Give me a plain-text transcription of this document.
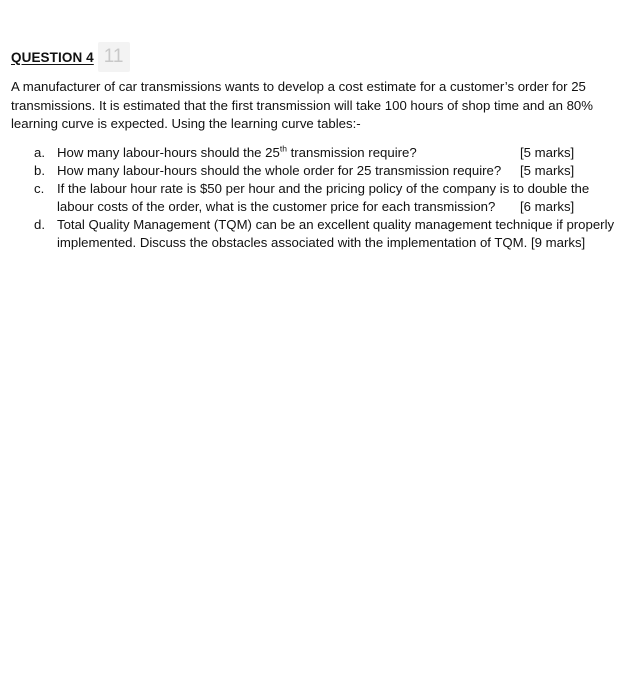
QUESTION 4 11
A manufacturer of car transmissions wants to develop a cost estimate for a customer’s order for 25
transmissions. It is estimated that the first transmission will take 100 hours of shop time and an 80%
learning curve is expected. Using the learning curve tables:-
a. How many labour-hours should the 25th transmission require?	[5 marks]
b. How many labour-hours should the whole order for 25 transmission require? [5 marks]
c. If the labour hour rate is $50 per hour and the pricing policy of the company is to double the
labour costs of the order, what is the customer price for each transmission? [6 marks]
d. Total Quality Management (TQM) can be an excellent quality management technique if properly
implemented. Discuss the obstacles associated with the implementation of TQM. [9 marks]
